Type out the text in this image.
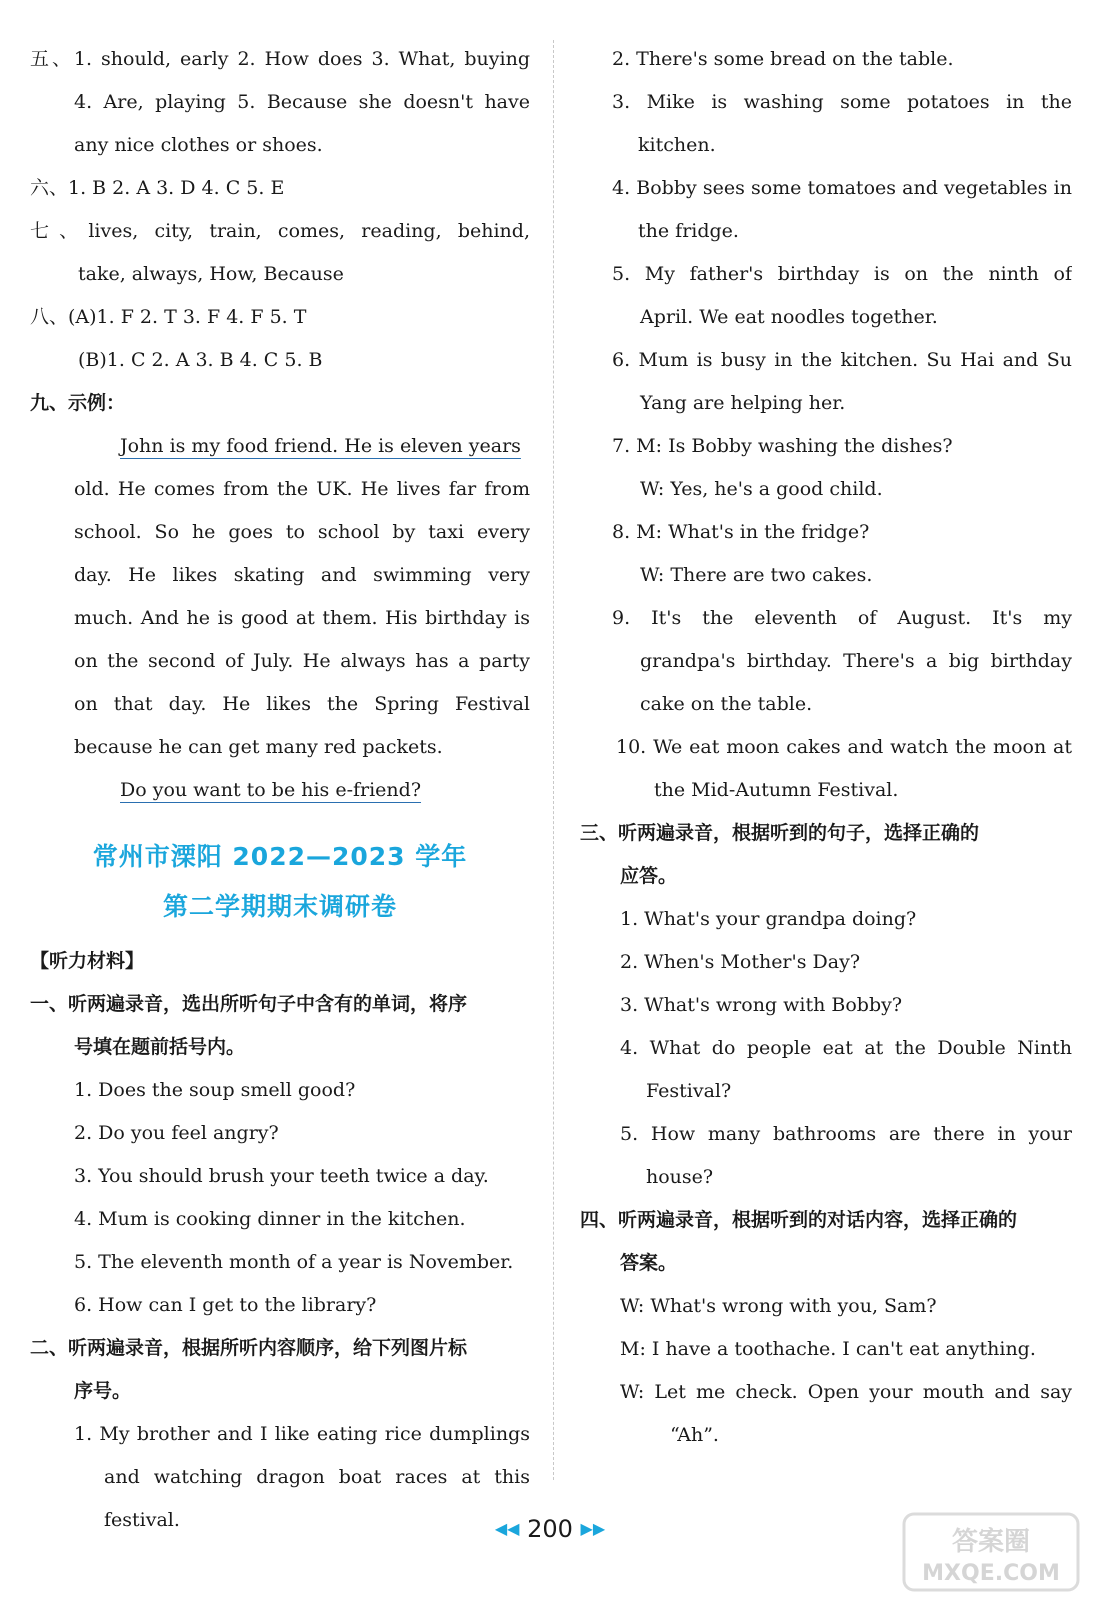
五、1. should, early 2. How does 3. What, buying
4. Are, playing 5. Because she doesn't have
any nice clothes or shoes.
六、1. B 2. A 3. D 4. C 5. E
七、lives, city, train, comes, reading, behind,
take, always, How, Because
八、(A)1. F 2. T 3. F 4. F 5. T
(B)1. C 2. A 3. B 4. C 5. B
九、示例：
John is my food friend. He is eleven years
old. He comes from the UK. He lives far from
school. So he goes to school by taxi every
day. He likes skating and swimming very
much. And he is good at them. His birthday is
on the second of July. He always has a party
on that day. He likes the Spring Festival
because he can get many red packets.
Do you want to be his e-friend?
常州市溧阳 2022—2023 学年
第二学期期末调研卷
【听力材料】
一、听两遍录音，选出所听句子中含有的单词，将序
号填在题前括号内。
1. Does the soup smell good?
2. Do you feel angry?
3. You should brush your teeth twice a day.
4. Mum is cooking dinner in the kitchen.
5. The eleventh month of a year is November.
6. How can I get to the library?
二、听两遍录音，根据所听内容顺序，给下列图片标
序号。
1. My brother and I like eating rice dumplings
and watching dragon boat races at this
festival.
2. There's some bread on the table.
3. Mike is washing some potatoes in the
kitchen.
4. Bobby sees some tomatoes and vegetables in
the fridge.
5. My father's birthday is on the ninth of
April. We eat noodles together.
6. Mum is busy in the kitchen. Su Hai and Su
Yang are helping her.
7. M: Is Bobby washing the dishes?
W: Yes, he's a good child.
8. M: What's in the fridge?
W: There are two cakes.
9. It's the eleventh of August. It's my
grandpa's birthday. There's a big birthday
cake on the table.
10. We eat moon cakes and watch the moon at
the Mid-Autumn Festival.
三、听两遍录音，根据听到的句子，选择正确的
应答。
1. What's your grandpa doing?
2. When's Mother's Day?
3. What's wrong with Bobby?
4. What do people eat at the Double Ninth
Festival?
5. How many bathrooms are there in your
house?
四、听两遍录音，根据听到的对话内容，选择正确的
答案。
W: What's wrong with you, Sam?
M: I have a toothache. I can't eat anything.
W: Let me check. Open your mouth and say
“Ah”.
◀◀ 200 ▶▶	答案圈
MXQE.COM
